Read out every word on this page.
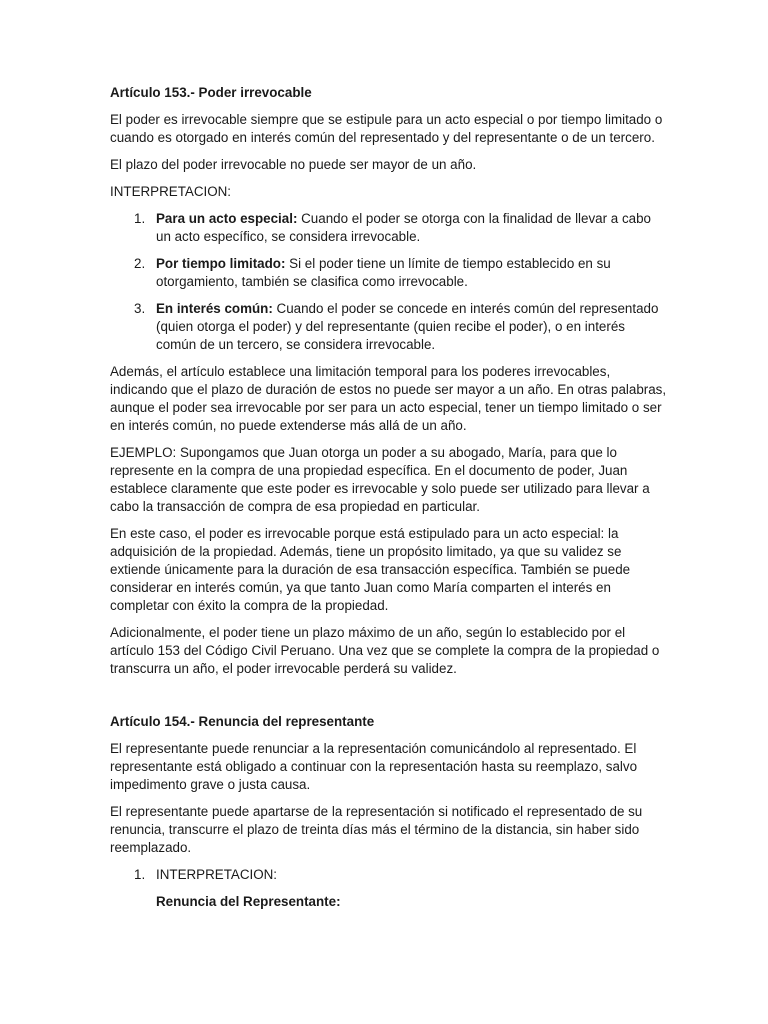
Artículo 153.- Poder irrevocable
El poder es irrevocable siempre que se estipule para un acto especial o por tiempo limitado o cuando es otorgado en interés común del representado y del representante o de un tercero.
El plazo del poder irrevocable no puede ser mayor de un año.
INTERPRETACION:
1. Para un acto especial: Cuando el poder se otorga con la finalidad de llevar a cabo un acto específico, se considera irrevocable.
2. Por tiempo limitado: Si el poder tiene un límite de tiempo establecido en su otorgamiento, también se clasifica como irrevocable.
3. En interés común: Cuando el poder se concede en interés común del representado (quien otorga el poder) y del representante (quien recibe el poder), o en interés común de un tercero, se considera irrevocable.
Además, el artículo establece una limitación temporal para los poderes irrevocables, indicando que el plazo de duración de estos no puede ser mayor a un año. En otras palabras, aunque el poder sea irrevocable por ser para un acto especial, tener un tiempo limitado o ser en interés común, no puede extenderse más allá de un año.
EJEMPLO: Supongamos que Juan otorga un poder a su abogado, María, para que lo represente en la compra de una propiedad específica. En el documento de poder, Juan establece claramente que este poder es irrevocable y solo puede ser utilizado para llevar a cabo la transacción de compra de esa propiedad en particular.
En este caso, el poder es irrevocable porque está estipulado para un acto especial: la adquisición de la propiedad. Además, tiene un propósito limitado, ya que su validez se extiende únicamente para la duración de esa transacción específica. También se puede considerar en interés común, ya que tanto Juan como María comparten el interés en completar con éxito la compra de la propiedad.
Adicionalmente, el poder tiene un plazo máximo de un año, según lo establecido por el artículo 153 del Código Civil Peruano. Una vez que se complete la compra de la propiedad o transcurra un año, el poder irrevocable perderá su validez.
Artículo 154.- Renuncia del representante
El representante puede renunciar a la representación comunicándolo al representado. El representante está obligado a continuar con la representación hasta su reemplazo, salvo impedimento grave o justa causa.
El representante puede apartarse de la representación si notificado el representado de su renuncia, transcurre el plazo de treinta días más el término de la distancia, sin haber sido reemplazado.
1. INTERPRETACION:
Renuncia del Representante:
